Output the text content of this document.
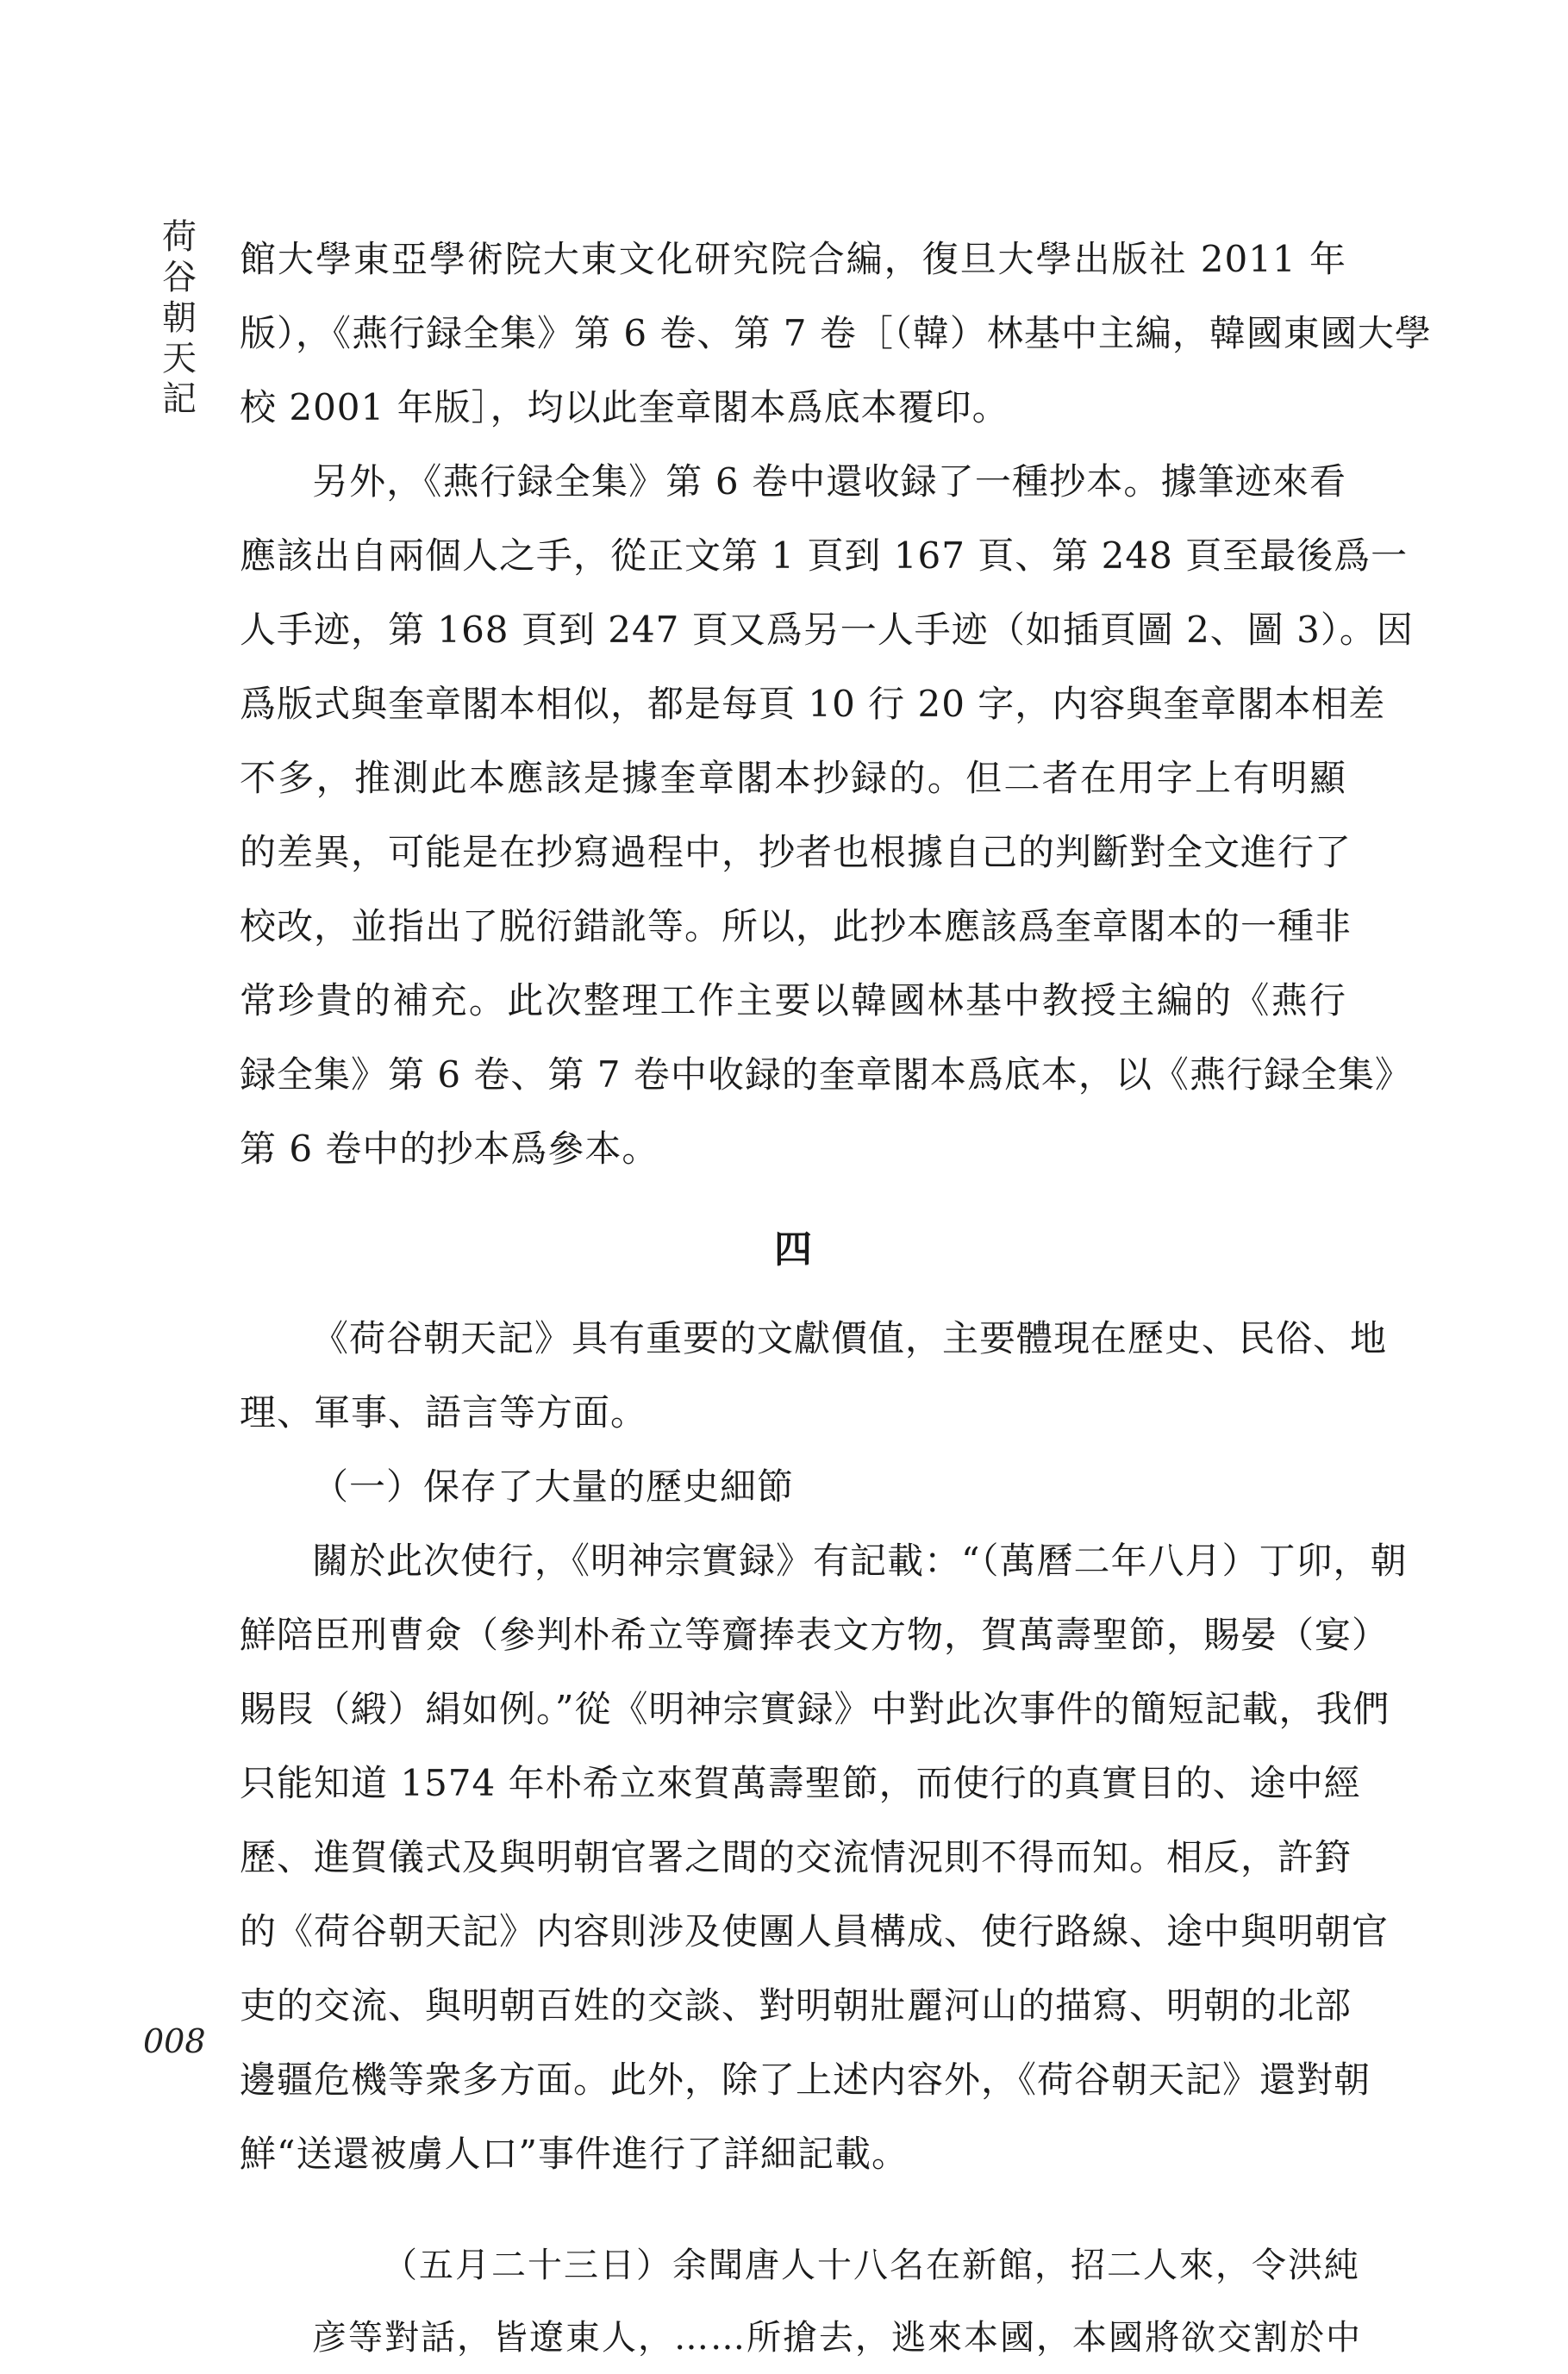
荷
谷
朝
天
記
館大學東亞學術院大東文化研究院合編，復旦大學出版社 2011 年
版），《燕行録全集》第 6 卷、第 7 卷［（韓）林基中主編，韓國東國大學
校 2001 年版］，均以此奎章閣本爲底本覆印。
另外，《燕行録全集》第 6 卷中還收録了一種抄本。據筆迹來看
應該出自兩個人之手，從正文第 1 頁到 167 頁、第 248 頁至最後爲一
人手迹，第 168 頁到 247 頁又爲另一人手迹（如插頁圖 2、圖 3）。因
爲版式與奎章閣本相似，都是每頁 10 行 20 字，内容與奎章閣本相差
不多，推測此本應該是據奎章閣本抄録的。但二者在用字上有明顯
的差異，可能是在抄寫過程中，抄者也根據自己的判斷對全文進行了
校改，並指出了脱衍錯訛等。所以，此抄本應該爲奎章閣本的一種非
常珍貴的補充。此次整理工作主要以韓國林基中教授主編的《燕行
録全集》第 6 卷、第 7 卷中收録的奎章閣本爲底本，以《燕行録全集》
第 6 卷中的抄本爲參本。
四
《荷谷朝天記》具有重要的文獻價值，主要體現在歷史、民俗、地
理、軍事、語言等方面。
（一）保存了大量的歷史細節
關於此次使行，《明神宗實録》有記載：“（萬曆二年八月）丁卯，朝
鮮陪臣刑曹僉（參判朴希立等齎捧表文方物，賀萬壽聖節，賜晏（宴）
賜叚（緞）絹如例。”從《明神宗實録》中對此次事件的簡短記載，我們
只能知道 1574 年朴希立來賀萬壽聖節，而使行的真實目的、途中經
歷、進賀儀式及與明朝官署之間的交流情況則不得而知。相反，許篈
的《荷谷朝天記》内容則涉及使團人員構成、使行路線、途中與明朝官
吏的交流、與明朝百姓的交談、對明朝壯麗河山的描寫、明朝的北部
邊疆危機等衆多方面。此外，除了上述内容外，《荷谷朝天記》還對朝
鮮“送還被虜人口”事件進行了詳細記載。
（五月二十三日）余聞唐人十八名在新館，招二人來，令洪純
彦等對話，皆遼東人，……所搶去，逃來本國，本國將欲交割於中
008
